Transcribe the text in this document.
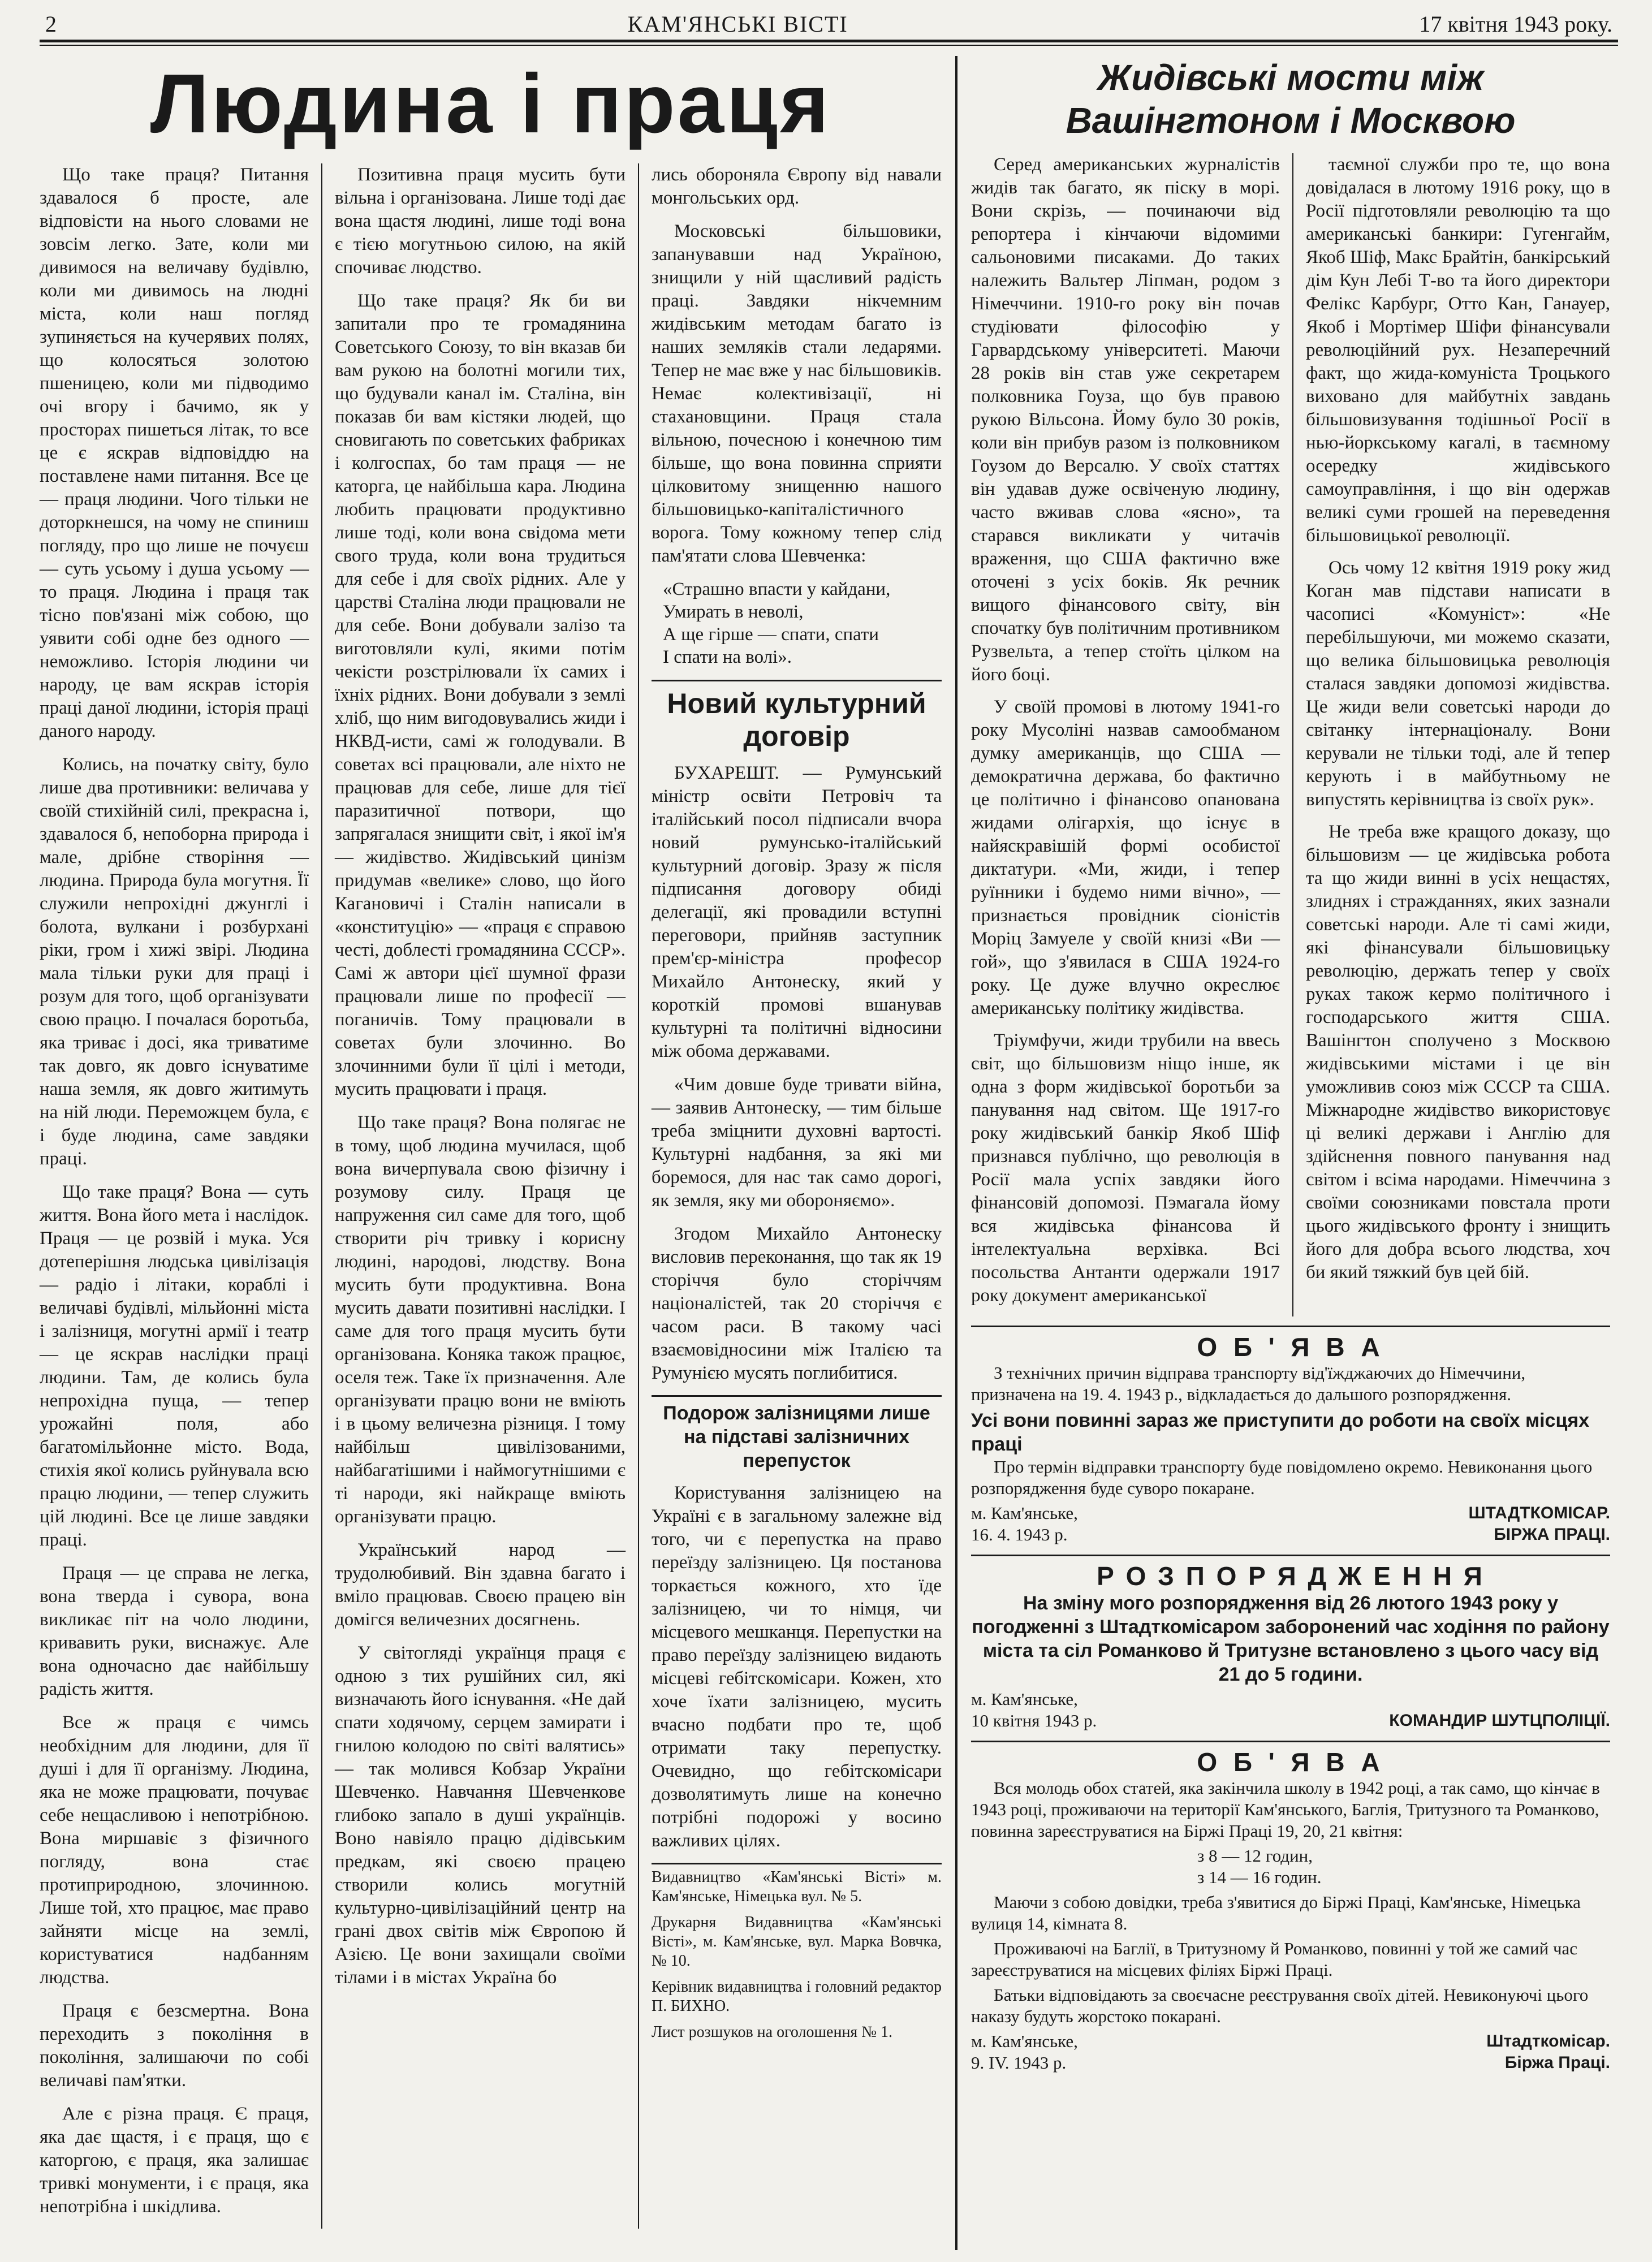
2	КАМ'ЯНСЬКІ ВІСТІ	17 квітня 1943 року.
Людина і праця

Що таке праця? Питання здавалося б просте, але відповісти на нього словами не зовсім легко. Зате, коли ми дивимося на величаву будівлю, коли ми дивимось на людні міста, коли наш погляд зупиняється на кучерявих полях, що колосяться золотою пшеницею, коли ми підводимо очі вгору і бачимо, як у просторах пишеться літак, то все це є яскрав відповіддю на поставлене нами питання. Все це — праця людини. Чого тільки не доторкнешся, на чому не спиниш погляду, про що лише не почуєш — суть усьому і душа усьому — то праця. Людина і праця так тісно пов'язані між собою, що уявити собі одне без одного — неможливо. Історія людини чи народу, це вам яскрав історія праці даної людини, історія праці даного народу.

Колись, на початку світу, було лише два противники: величава у своїй стихійній силі, прекрасна і, здавалося б, непоборна природа і мале, дрібне створіння — людина. Природа була могутня. Її служили непрохідні джунглі і болота, вулкани і розбурхані ріки, гром і хижі звірі. Людина мала тільки руки для праці і розум для того, щоб організувати свою працю. І почалася боротьба, яка триває і досі, яка триватиме так довго, як довго існуватиме наша земля, як довго житимуть на ній люди. Переможцем була, є і буде людина, саме завдяки праці.

Що таке праця? Вона — суть життя. Вона його мета і наслідок. Праця — це розвій і мука. Уся дотеперішня людська цивілізація — радіо і літаки, кораблі і величаві будівлі, мільйонні міста і залізниця, могутні армії і театр — це яскрав наслідки праці людини. Там, де колись була непрохідна пуща, — тепер урожайні поля, або багатомільйонне місто. Вода, стихія якої колись руйнувала всю працю людини, — тепер служить цій людині. Все це лише завдяки праці.

Праця — це справа не легка, вона тверда і сувора, вона викликає піт на чоло людини, кривавить руки, виснажує. Але вона одночасно дає найбільшу радість життя.

Все ж праця є чимсь необхідним для людини, для її душі і для її організму. Людина, яка не може працювати, почуває себе нещасливою і непотрібною. Вона миршавіє з фізичного погляду, вона стає протиприродною, злочинною. Лише той, хто працює, має право зайняти місце на землі, користуватися надбанням людства.

Праця є безсмертна. Вона переходить з покоління в покоління, залишаючи по собі величаві пам'ятки.

Але є різна праця. Є праця, яка дає щастя, і є праця, що є каторгою, є праця, яка залишає тривкі монументи, і є праця, яка непотрібна і шкідлива.

Позитивна праця мусить бути вільна і організована. Лише тоді дає вона щастя людині, лише тоді вона є тією могутньою силою, на якій спочиває людство.

Що таке праця? Як би ви запитали про те громадянина Советського Союзу, то він вказав би вам рукою на болотні могили тих, що будували канал ім. Сталіна, він показав би вам кістяки людей, що сновигають по советських фабриках і колгоспах, бо там праця — не каторга, це найбільша кара. Людина любить працювати продуктивно лише тоді, коли вона свідома мети свого труда, коли вона трудиться для себе і для своїх рідних. Але у царстві Сталіна люди працювали не для себе. Вони добували залізо та виготовляли кулі, якими потім чекісти розстрілювали їх самих і їхніх рідних. Вони добували з землі хліб, що ним вигодовувались жиди і НКВД-исти, самі ж голодували. В советах всі працювали, але ніхто не працював для себе, лише для тієї паразитичної потвори, що запрягалася знищити світ, і якої ім'я — жидівство. Жидівський цинізм придумав «велике» слово, що його Кагановичі і Сталін написали в «конституцію» — «праця є справою честі, доблесті громадянина СССР». Самі ж автори цієї шумної фрази працювали лише по професії — поганичів. Тому працювали в советах були злочинно. Во злочинними були її цілі і методи, мусить працювати і праця.

Що таке праця? Вона полягає не в тому, щоб людина мучилася, щоб вона вичерпувала свою фізичну і розумову силу. Праця це напруження сил саме для того, щоб створити річ тривку і корисну людині, народові, людству. Вона мусить бути продуктивна. Вона мусить давати позитивні наслідки. І саме для того праця мусить бути організована. Коняка також працює, оселя теж. Таке їх призначення. Але організувати працю вони не вміють і в цьому величезна різниця. І тому найбільш цивілізованими, найбагатішими і наймогутнішими є ті народи, які найкраще вміють організувати працю.

Український народ — трудолюбивий. Він здавна багато і вміло працював. Своєю працею він домігся величезних досягнень.

У світогляді українця праця є одною з тих рушійних сил, які визначають його існування. «Не дай спати ходячому, серцем замирати і гнилою колодою по світі валятись» — так молився Кобзар України Шевченко. Навчання Шевченкове глибоко запало в душі українців. Воно навіяло працю дідівським предкам, які своєю працею створили колись могутній культурно-цивілізаційний центр на грані двох світів між Європою й Азією. Це вони захищали своїми тілами і в містах Україна бо

лись обороняла Європу від навали монгольських орд.

Московські більшовики, запанувавши над Україною, знищили у ній щасливий радість праці. Завдяки нікчемним жидівським методам багато із наших земляків стали ледарями. Тепер не має вже у нас більшовиків. Немає колективізації, ні стахановщини. Праця стала вільною, почесною і конечною тим більше, що вона повинна сприяти цілковитому знищенню нашого більшовицько-капіталістичного ворога. Тому кожному тепер слід пам'ятати слова Шевченка:

«Страшно впасти у кайдани,
Умирать в неволі,
А ще гірше — спати, спати
І спати на волі».
Новий культурний договір

БУХАРЕШТ. — Румунський міністр освіти Петровіч та італійський посол підписали вчора новий румунсько-італійський культурний договір. Зразу ж після підписання договору обиді делегації, які провадили вступні переговори, прийняв заступник прем'єр-міністра професор Михайло Антонеску, який у короткій промові вшанував культурні та політичні відносини між обома державами.

«Чим довше буде тривати війна, — заявив Антонеску, — тим більше треба зміцнити духовні вартості. Культурні надбання, за які ми боремося, для нас так само дорогі, як земля, яку ми обороняємо».

Згодом Михайло Антонеску висловив переконання, що так як 19 сторіччя було сторіччям націоналістей, так 20 сторіччя є часом раси. В такому часі взаємовідносини між Італією та Румунією мусять поглибитися.

Подорож залізницями лише на підставі залізничних перепусток

Користування залізницею на Україні є в загальному залежне від того, чи є перепустка на право переїзду залізницею. Ця постанова торкається кожного, хто їде залізницею, чи то німця, чи місцевого мешканця. Перепустки на право переїзду залізницею видають місцеві гебітскомісари. Кожен, хто хоче їхати залізницею, мусить вчасно подбати про те, щоб отримати таку перепустку. Очевидно, що гебітскомісари дозволятимуть лише на конечно потрібні подорожі у восино важливих цілях.

Видавництво «Кам'янські Вісті» м. Кам'янське, Німецька вул. № 5.
Друкарня Видавництва «Кам'янські Вісті», м. Кам'янське, вул. Марка Вовчка, № 10.
Керівник видавництва і головний редактор П. БИХНО.
Лист розшуков на оголошення № 1.
Жидівські мости між Вашінгтоном і Москвою

Серед американських журналістів жидів так багато, як піску в морі. Вони скрізь, — починаючи від репортера і кінчаючи відомими сальоновими писаками. До таких належить Вальтер Ліпман, родом з Німеччини. 1910-го року він почав студіювати філософію у Гарвардському університеті. Маючи 28 років він став уже секретарем полковника Гоуза, що був правою рукою Вільсона. Йому було 30 років, коли він прибув разом із полковником Гоузом до Версалю. У своїх статтях він удавав дуже освіченую людину, часто вживав слова «ясно», та старався викликати у читачів враження, що США фактично вже оточені з усіх боків. Як речник вищого фінансового світу, він спочатку був політичним противником Рузвельта, а тепер стоїть цілком на його боці.

У своїй промові в лютому 1941-го року Мусоліні назвав самообманом думку американців, що США — демократична держава, бо фактично це політично і фінансово опанована жидами олігархія, що існує в найяскравішій формі особистої диктатури. «Ми, жиди, і тепер руїнники і будемо ними вічно», — признається провідник сіоністів Моріц Замуеле у своїй книзі «Ви — гой», що з'явилася в США 1924-го року. Це дуже влучно окреслює американську політику жидівства.

Тріумфучи, жиди трубили на ввесь світ, що більшовизм ніщо інше, як одна з форм жидівської боротьби за панування над світом. Ще 1917-го року жидівський банкір Якоб Шіф признався публічно, що революція в Росії мала успіх завдяки його фінансовій допомозі. Пэмагала йому вся жидівська фінансова й інтелектуальна верхівка. Всі посольства Антанти одержали 1917 року документ американської

таємної служби про те, що вона довідалася в лютому 1916 року, що в Росії підготовляли революцію та що американські банкири: Гугенгайм, Якоб Шіф, Макс Брайтін, банкірський дім Кун Лебі Т-во та його директори Фелікс Карбург, Отто Кан, Ганауер, Якоб і Мортімер Шіфи фінансували революційний рух. Незаперечний факт, що жида-комуніста Троцького виховано для майбутніх завдань більшовизування тодішньої Росії в нью-йоркському кагалі, в таємному осередку жидівського самоуправління, і що він одержав великі суми грошей на переведення більшовицької революції.

Ось чому 12 квітня 1919 року жид Коган мав підстави написати в часописі «Комуніст»: «Не перебільшуючи, ми можемо сказати, що велика більшовицька революція сталася завдяки допомозі жидівства. Це жиди вели советські народи до світанку інтернаціоналу. Вони керували не тільки тоді, але й тепер керують і в майбутньому не випустять керівництва із своїх рук».

Не треба вже кращого доказу, що більшовизм — це жидівська робота та що жиди винні в усіх нещастях, злиднях і стражданнях, яких зазнали советські народи. Але ті самі жиди, які фінансували більшовицьку революцію, держать тепер у своїх руках також кермо політичного і господарського життя США. Вашінгтон сполучено з Москвою жидівськими містами і це він уможливив союз між СССР та США. Міжнародне жидівство використовує ці великі держави і Англію для здійснення повного панування над світом і всіма народами. Німеччина з своїми союзниками повстала проти цього жидівського фронту і знищить його для добра всього людства, хоч би який тяжкий був цей бій.

О Б ' Я В А

З технічних причин відправа транспорту від'їжджаючих до Німеччини, призначена на 19. 4. 1943 р., відкладається до дальшого розпорядження.

Усі вони повинні зараз же приступити до роботи на своїх місцях праці

Про термін відправки транспорту буде повідомлено окремо. Невиконання цього розпорядження буде суворо покаране.

м. Кам'янське,
16. 4. 1943 р.
ШТАДТКОМІСАР.
БІРЖА ПРАЦІ.
Р О З П О Р Я Д Ж Е Н Н Я
На зміну мого розпорядження від 26 лютого 1943 року у погодженні з Штадткомісаром заборонений час ходіння по району міста та сіл Романково й Тритузне встановлено з цього часу від 21 до 5 години.
м. Кам'янське,
10 квітня 1943 р.	КОМАНДИР ШУТЦПОЛІЦІЇ.
О Б ' Я В А

Вся молодь обох статей, яка закінчила школу в 1942 році, а так само, що кінчає в 1943 році, проживаючи на території Кам'янського, Баглія, Тритузного та Романково, повинна зареєструватися на Біржі Праці 19, 20, 21 квітня:

з 8 — 12 годин,

з 14 — 16 годин.

Маючи з собою довідки, треба з'явитися до Біржі Праці, Кам'янське, Німецька вулиця 14, кімната 8.

Проживаючі на Баглії, в Тритузному й Романково, повинні у той же самий час зареєструватися на місцевих філіях Біржі Праці.

Батьки відповідають за своєчасне реєстрування своїх дітей. Невиконуючі цього наказу будуть жорстоко покарані.

м. Кам'янське,
9. IV. 1943 р.
Штадткомісар.
Біржа Праці.
